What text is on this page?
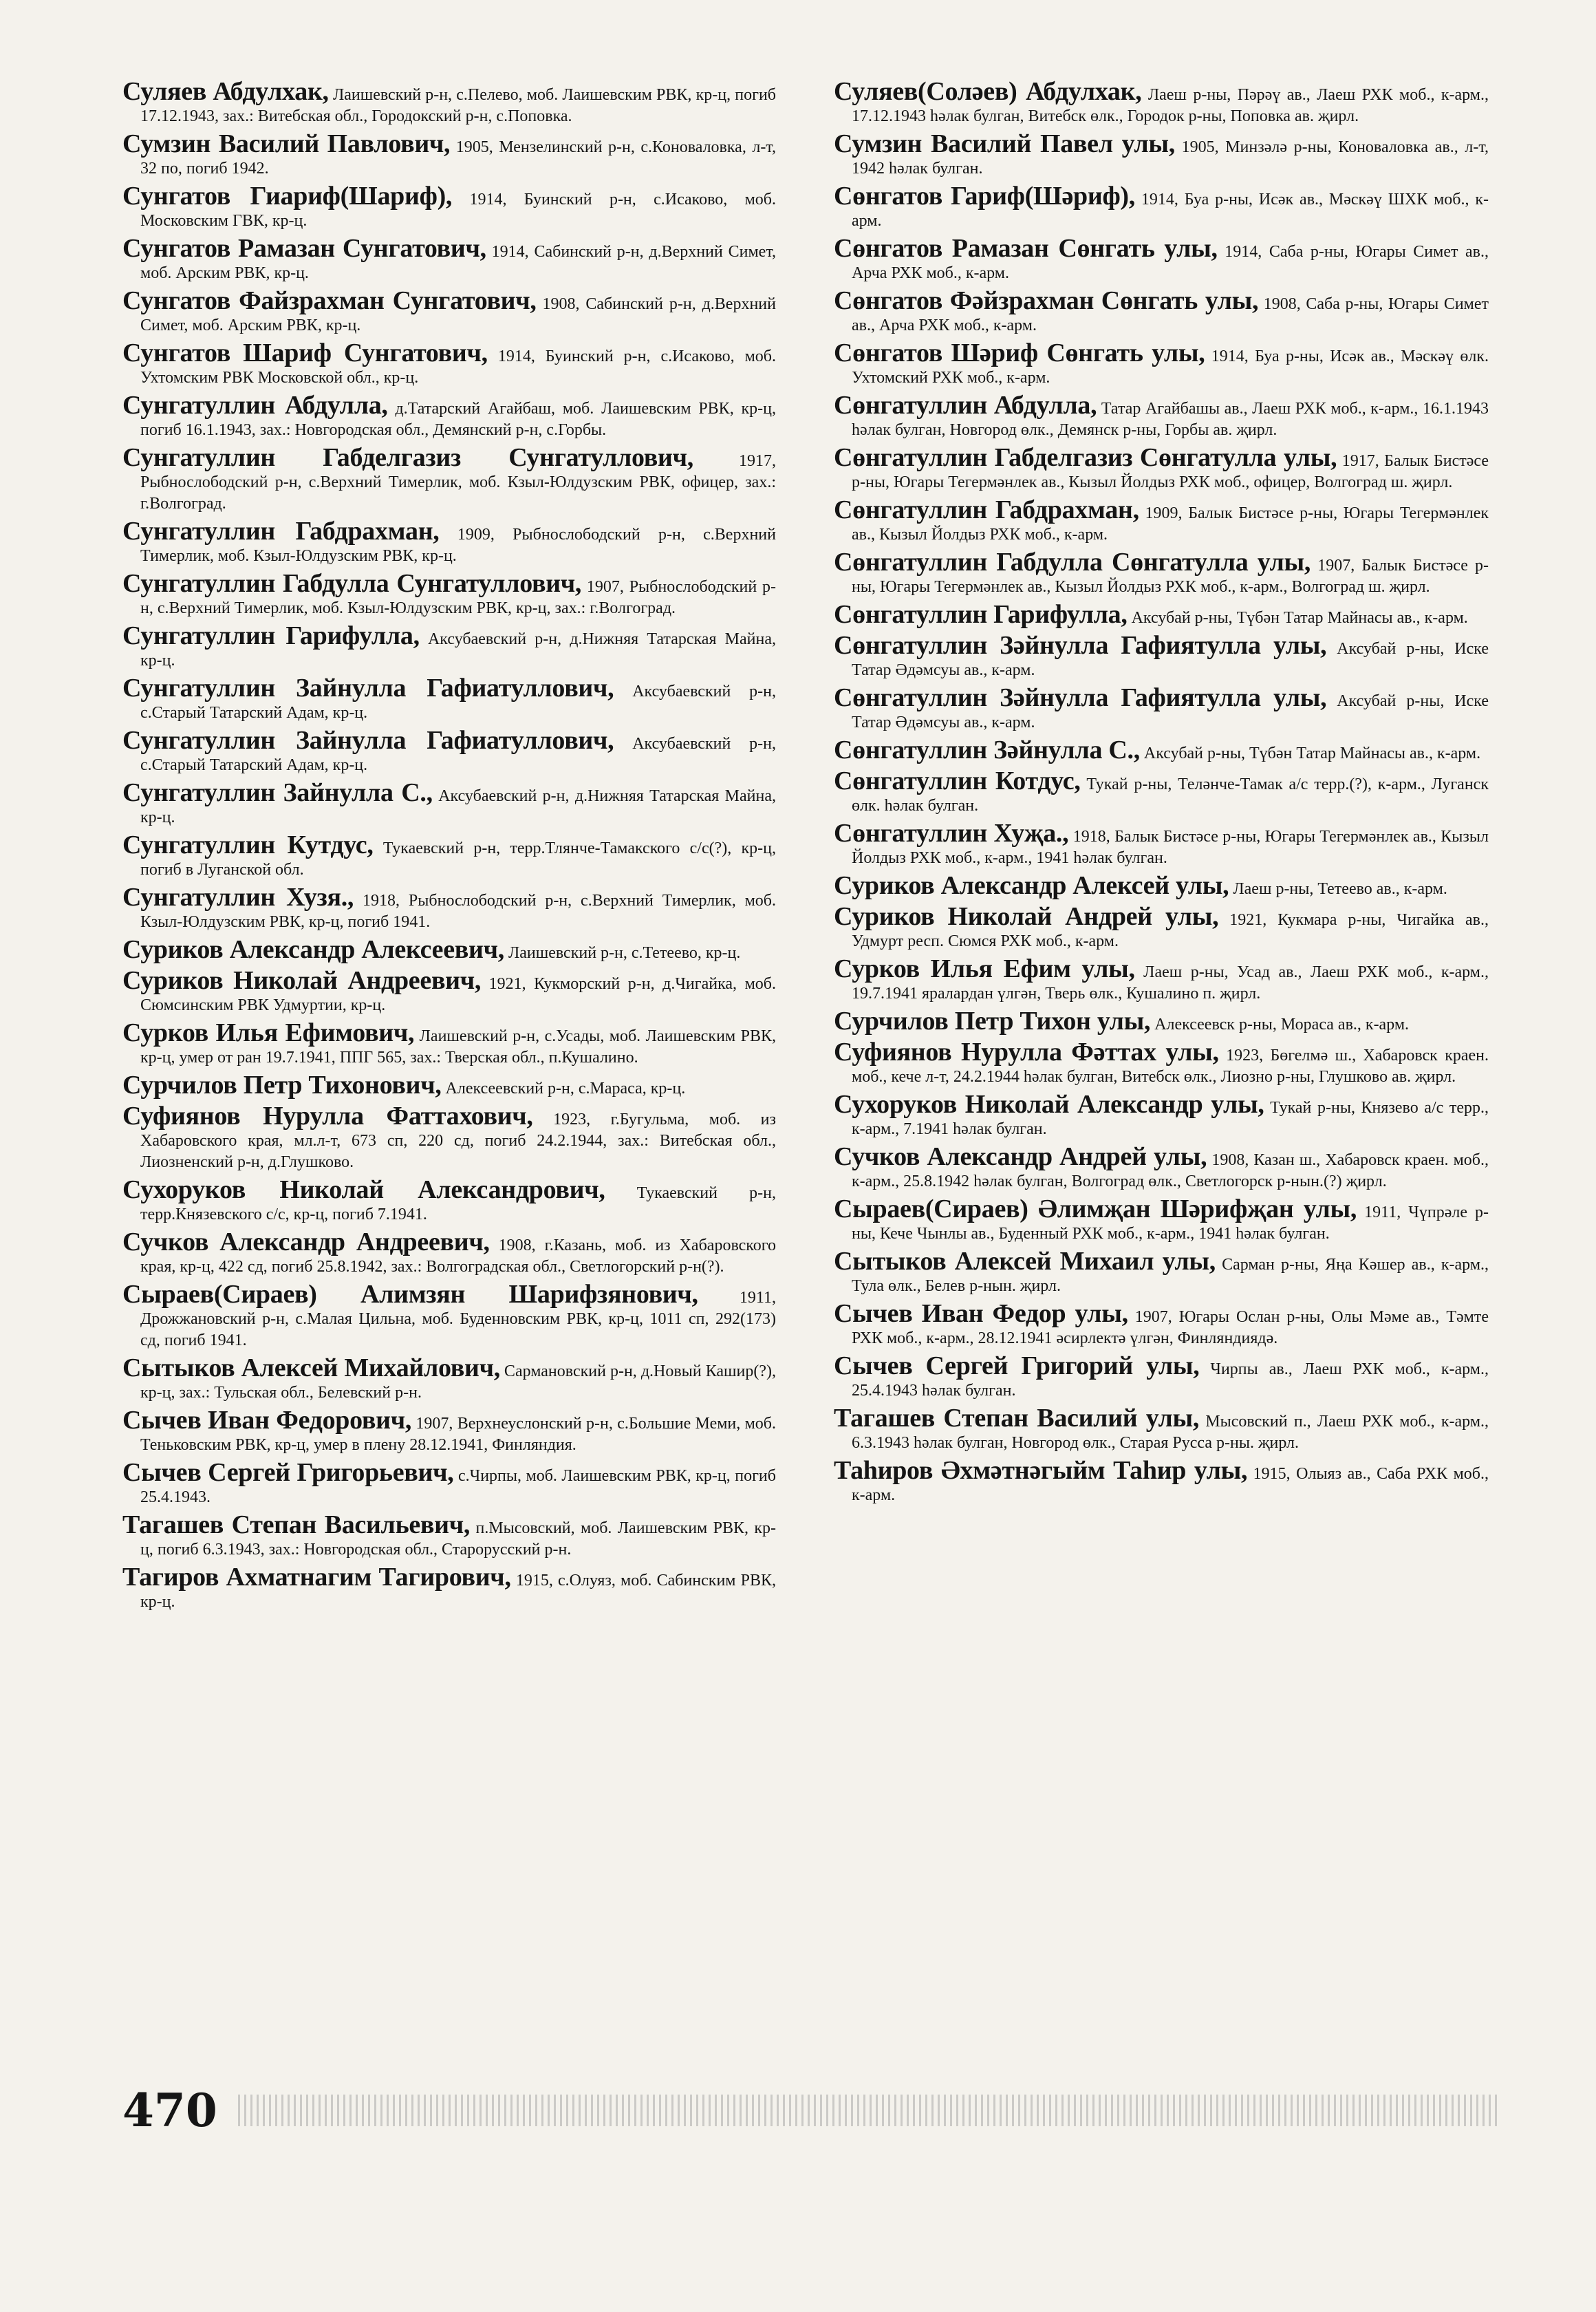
Суляев Абдулхак, Лаишевский р-н, с.Пелево, моб. Лаишевским РВК, кр-ц, погиб 17.12.1943, зах.: Витебская обл., Городокский р-н, с.Поповка.
Сумзин Василий Павлович, 1905, Мензелинский р-н, с.Коноваловка, л-т, 32 по, погиб 1942.
Сунгатов Гиариф(Шариф), 1914, Буинский р-н, с.Исаково, моб. Московским ГВК, кр-ц.
Сунгатов Рамазан Сунгатович, 1914, Сабинский р-н, д.Верхний Симет, моб. Арским РВК, кр-ц.
Сунгатов Файзрахман Сунгатович, 1908, Сабинский р-н, д.Верхний Симет, моб. Арским РВК, кр-ц.
Сунгатов Шариф Сунгатович, 1914, Буинский р-н, с.Исаково, моб. Ухтомским РВК Московской обл., кр-ц.
Сунгатуллин Абдулла, д.Татарский Агайбаш, моб. Лаишевским РВК, кр-ц, погиб 16.1.1943, зах.: Новгородская обл., Демянский р-н, с.Горбы.
Сунгатуллин Габделгазиз Сунгатуллович, 1917, Рыбнослободский р-н, с.Верхний Тимерлик, моб. Кзыл-Юлдузским РВК, офицер, зах.: г.Волгоград.
Сунгатуллин Габдрахман, 1909, Рыбнослободский р-н, с.Верхний Тимерлик, моб. Кзыл-Юлдузским РВК, кр-ц.
Сунгатуллин Габдулла Сунгатуллович, 1907, Рыбнослободский р-н, с.Верхний Тимерлик, моб. Кзыл-Юлдузским РВК, кр-ц, зах.: г.Волгоград.
Сунгатуллин Гарифулла, Аксубаевский р-н, д.Нижняя Татарская Майна, кр-ц.
Сунгатуллин Зайнулла Гафиатуллович, Аксубаевский р-н, с.Старый Татарский Адам, кр-ц.
Сунгатуллин Зайнулла Гафиатуллович, Аксубаевский р-н, с.Старый Татарский Адам, кр-ц.
Сунгатуллин Зайнулла С., Аксубаевский р-н, д.Нижняя Татарская Майна, кр-ц.
Сунгатуллин Кутдус, Тукаевский р-н, терр.Тлянче-Тамакского с/с(?), кр-ц, погиб в Луганской обл.
Сунгатуллин Хузя., 1918, Рыбнослободский р-н, с.Верхний Тимерлик, моб. Кзыл-Юлдузским РВК, кр-ц, погиб 1941.
Суриков Александр Алексеевич, Лаишевский р-н, с.Тетеево, кр-ц.
Суриков Николай Андреевич, 1921, Кукморский р-н, д.Чигайка, моб. Сюмсинским РВК Удмуртии, кр-ц.
Сурков Илья Ефимович, Лаишевский р-н, с.Усады, моб. Лаишевским РВК, кр-ц, умер от ран 19.7.1941, ППГ 565, зах.: Тверская обл., п.Кушалино.
Сурчилов Петр Тихонович, Алексеевский р-н, с.Мараса, кр-ц.
Суфиянов Нурулла Фаттахович, 1923, г.Бугульма, моб. из Хабаровского края, мл.л-т, 673 сп, 220 сд, погиб 24.2.1944, зах.: Витебская обл., Лиозненский р-н, д.Глушково.
Сухоруков Николай Александрович, Тукаевский р-н, терр.Князевского с/с, кр-ц, погиб 7.1941.
Сучков Александр Андреевич, 1908, г.Казань, моб. из Хабаровского края, кр-ц, 422 сд, погиб 25.8.1942, зах.: Волгоградская обл., Светлогорский р-н(?).
Сыраев(Сираев) Алимзян Шарифзянович, 1911, Дрожжановский р-н, с.Малая Цильна, моб. Буденновским РВК, кр-ц, 1011 сп, 292(173) сд, погиб 1941.
Сытыков Алексей Михайлович, Сармановский р-н, д.Новый Кашир(?), кр-ц, зах.: Тульская обл., Белевский р-н.
Сычев Иван Федорович, 1907, Верхнеуслонский р-н, с.Большие Меми, моб. Теньковским РВК, кр-ц, умер в плену 28.12.1941, Финляндия.
Сычев Сергей Григорьевич, с.Чирпы, моб. Лаишевским РВК, кр-ц, погиб 25.4.1943.
Тагашев Степан Васильевич, п.Мысовский, моб. Лаишевским РВК, кр-ц, погиб 6.3.1943, зах.: Новгородская обл., Старорусский р-н.
Тагиров Ахматнагим Тагирович, 1915, с.Олуяз, моб. Сабинским РВК, кр-ц.
Суляев(Соләев) Абдулхак, Лаеш р-ны, Пәрәү ав., Лаеш РХК моб., к-арм., 17.12.1943 һәлак булган, Витебск өлк., Городок р-ны, Поповка ав. җирл.
Сумзин Василий Павел улы, 1905, Минзәлә р-ны, Коноваловка ав., л-т, 1942 һәлак булган.
Сөнгатов Гариф(Шәриф), 1914, Буа р-ны, Исәк ав., Мәскәү ШХК моб., к-арм.
Сөнгатов Рамазан Сөнгать улы, 1914, Саба р-ны, Югары Симет ав., Арча РХК моб., к-арм.
Сөнгатов Фәйзрахман Сөнгать улы, 1908, Саба р-ны, Югары Симет ав., Арча РХК моб., к-арм.
Сөнгатов Шәриф Сөнгать улы, 1914, Буа р-ны, Исәк ав., Мәскәү өлк. Ухтомский РХК моб., к-арм.
Сөнгатуллин Абдулла, Татар Агайбашы ав., Лаеш РХК моб., к-арм., 16.1.1943 һәлак булган, Новгород өлк., Демянск р-ны, Горбы ав. җирл.
Сөнгатуллин Габделгазиз Сөнгатулла улы, 1917, Балык Бистәсе р-ны, Югары Тегермәнлек ав., Кызыл Йолдыз РХК моб., офицер, Волгоград ш. җирл.
Сөнгатуллин Габдрахман, 1909, Балык Бистәсе р-ны, Югары Тегермәнлек ав., Кызыл Йолдыз РХК моб., к-арм.
Сөнгатуллин Габдулла Сөнгатулла улы, 1907, Балык Бистәсе р-ны, Югары Тегермәнлек ав., Кызыл Йолдыз РХК моб., к-арм., Волгоград ш. җирл.
Сөнгатуллин Гарифулла, Аксубай р-ны, Түбән Татар Майнасы ав., к-арм.
Сөнгатуллин Зәйнулла Гафиятулла улы, Аксубай р-ны, Иске Татар Әдәмсуы ав., к-арм.
Сөнгатуллин Зәйнулла Гафиятулла улы, Аксубай р-ны, Иске Татар Әдәмсуы ав., к-арм.
Сөнгатуллин Зәйнулла С., Аксубай р-ны, Түбән Татар Майнасы ав., к-арм.
Сөнгатуллин Котдус, Тукай р-ны, Теләнче-Тамак а/с терр.(?), к-арм., Луганск өлк. һәлак булган.
Сөнгатуллин Хуҗа., 1918, Балык Бистәсе р-ны, Югары Тегермәнлек ав., Кызыл Йолдыз РХК моб., к-арм., 1941 һәлак булган.
Суриков Александр Алексей улы, Лаеш р-ны, Тетеево ав., к-арм.
Суриков Николай Андрей улы, 1921, Кукмара р-ны, Чигайка ав., Удмурт респ. Сюмся РХК моб., к-арм.
Сурков Илья Ефим улы, Лаеш р-ны, Усад ав., Лаеш РХК моб., к-арм., 19.7.1941 яралардан үлгән, Тверь өлк., Кушалино п. җирл.
Сурчилов Петр Тихон улы, Алексеевск р-ны, Мораса ав., к-арм.
Суфиянов Нурулла Фәттах улы, 1923, Бөгелмә ш., Хабаровск краен. моб., кече л-т, 24.2.1944 һәлак булган, Витебск өлк., Лиозно р-ны, Глушково ав. җирл.
Сухоруков Николай Александр улы, Тукай р-ны, Князево а/с терр., к-арм., 7.1941 һәлак булган.
Сучков Александр Андрей улы, 1908, Казан ш., Хабаровск краен. моб., к-арм., 25.8.1942 һәлак булган, Волгоград өлк., Светлогорск р-нын.(?) җирл.
Сыраев(Сираев) Әлимҗан Шәрифҗан улы, 1911, Чүпрәле р-ны, Кече Чынлы ав., Буденный РХК моб., к-арм., 1941 һәлак булган.
Сытыков Алексей Михаил улы, Сарман р-ны, Яңа Кәшер ав., к-арм., Тула өлк., Белев р-нын. җирл.
Сычев Иван Федор улы, 1907, Югары Ослан р-ны, Олы Мәме ав., Тәмте РХК моб., к-арм., 28.12.1941 әсирлектә үлгән, Финляндиядә.
Сычев Сергей Григорий улы, Чирпы ав., Лаеш РХК моб., к-арм., 25.4.1943 һәлак булган.
Тагашев Степан Василий улы, Мысовский п., Лаеш РХК моб., к-арм., 6.3.1943 һәлак булган, Новгород өлк., Старая Русса р-ны. җирл.
Таһиров Әхмәтнәгыйм Таһир улы, 1915, Олыяз ав., Саба РХК моб., к-арм.
470
